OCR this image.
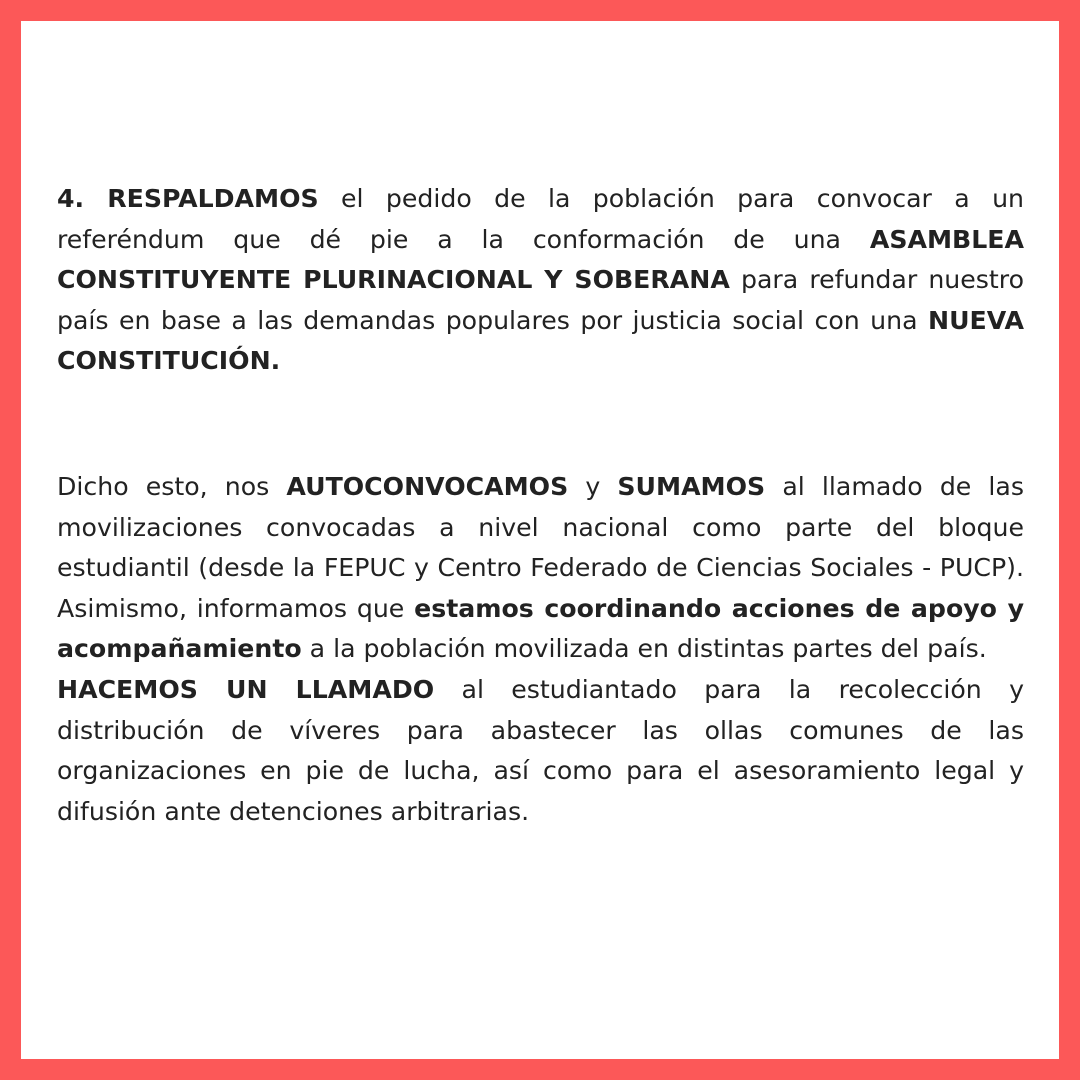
4. RESPALDAMOS el pedido de la población para convocar a un referéndum que dé pie a la conformación de una ASAMBLEA CONSTITUYENTE PLURINACIONAL Y SOBERANA para refundar nuestro país en base a las demandas populares por justicia social con una NUEVA CONSTITUCIÓN.

Dicho esto, nos AUTOCONVOCAMOS y SUMAMOS al llamado de las movilizaciones convocadas a nivel nacional como parte del bloque estudiantil (desde la FEPUC y Centro Federado de Ciencias Sociales - PUCP). Asimismo, informamos que estamos coordinando acciones de apoyo y acompañamiento a la población movilizada en distintas partes del país.

HACEMOS UN LLAMADO al estudiantado para la recolección y distribución de víveres para abastecer las ollas comunes de las organizaciones en pie de lucha, así como para el asesoramiento legal y difusión ante detenciones arbitrarias.
